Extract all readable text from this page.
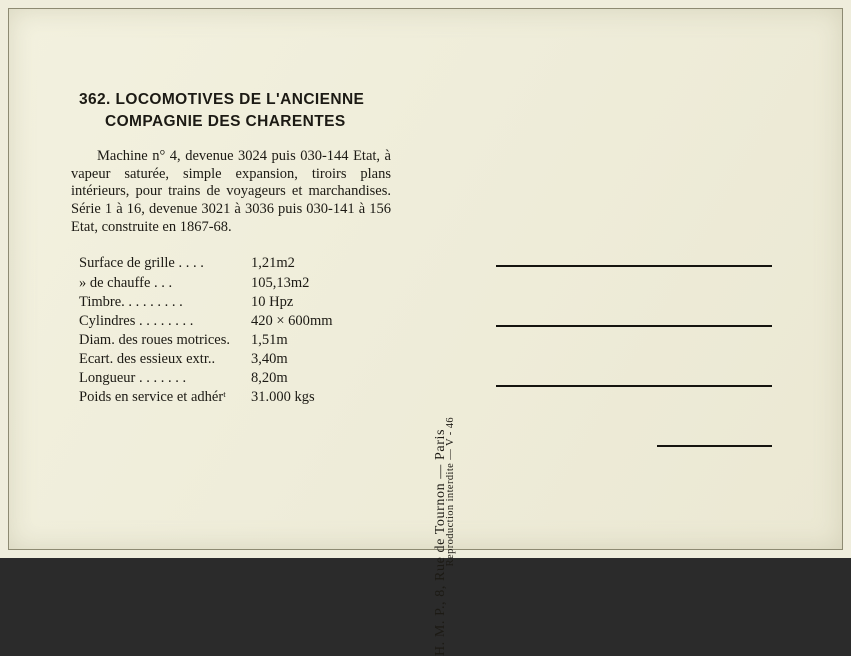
362. LOCOMOTIVES DE L'ANCIENNE
COMPAGNIE DES CHARENTES
Machine n° 4, devenue 3024 puis 030-144 Etat, à vapeur saturée, simple expansion, tiroirs plans intérieurs, pour trains de voyageurs et marchandises. Série 1 à 16, devenue 3021 à 3036 puis 030-141 à 156 Etat, construite en 1867-68.
Surface de grille . . . .	1,21m2
» de chauffe . . .	105,13m2
Timbre. . . . . . . . .	10 Hpz
Cylindres . . . . . . . .	420 × 600mm
Diam. des roues motrices.	1,51m
Ecart. des essieux extr..	3,40m
Longueur . . . . . . .	8,20m
Poids en service et adhérᵗ	31.000 kgs
H. M. P., 8, Rue de Tournon — Paris
Reproduction interdite — V - 46
